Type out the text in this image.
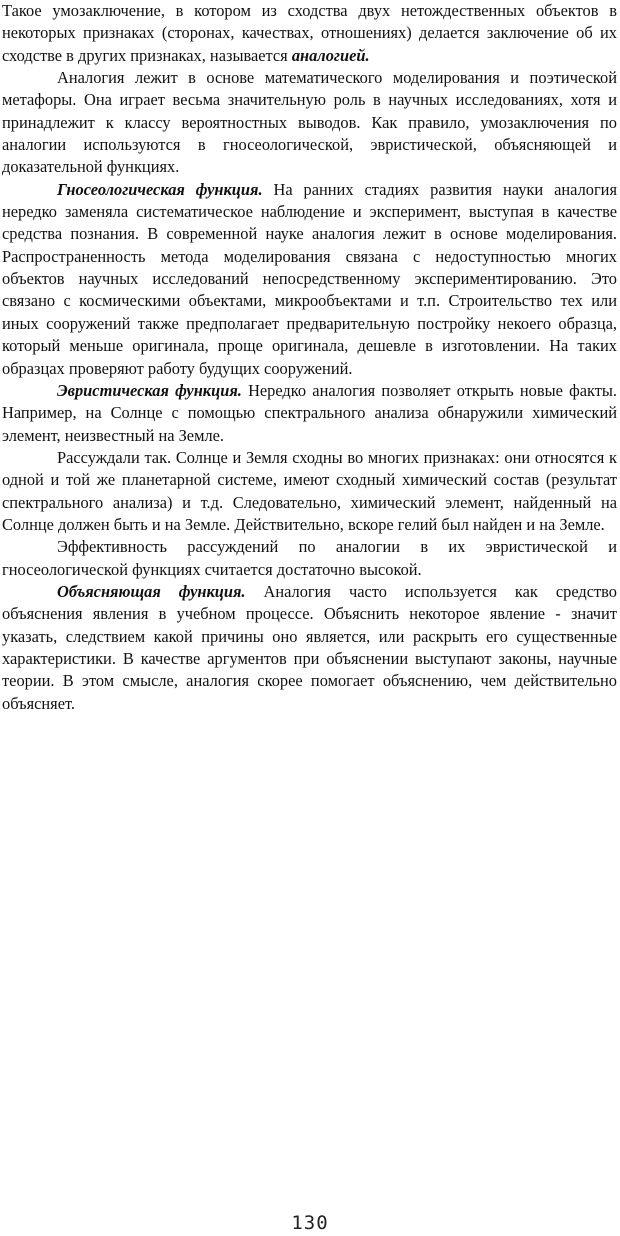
Такое умозаключение, в котором из сходства двух нетождественных объектов в некоторых признаках (сторонах, качествах, отношениях) делается заключение об их сходстве в других признаках, называется аналогией.

Аналогия лежит в основе математического моделирования и поэтической метафоры. Она играет весьма значительную роль в научных исследованиях, хотя и принадлежит к классу вероятностных выводов. Как правило, умозаключения по аналогии используются в гносеологической, эвристической, объясняющей и доказательной функциях.

Гносеологическая функция. На ранних стадиях развития науки аналогия нередко заменяла систематическое наблюдение и эксперимент, выступая в качестве средства познания. В современной науке аналогия лежит в основе моделирования. Распространенность метода моделирования связана с недоступностью многих объектов научных исследований непосредственному экспериментированию. Это связано с космическими объектами, микрообъектами и т.п. Строительство тех или иных сооружений также предполагает предварительную постройку некоего образца, который меньше оригинала, проще оригинала, дешевле в изготовлении. На таких образцах проверяют работу будущих сооружений.

Эвристическая функция. Нередко аналогия позволяет открыть новые факты. Например, на Солнце с помощью спектрального анализа обнаружили химический элемент, неизвестный на Земле.

Рассуждали так. Солнце и Земля сходны во многих признаках: они относятся к одной и той же планетарной системе, имеют сходный химический состав (результат спектрального анализа) и т.д. Следовательно, химический элемент, найденный на Солнце должен быть и на Земле. Действительно, вскоре гелий был найден и на Земле.

Эффективность рассуждений по аналогии в их эвристической и гносеологической функциях считается достаточно высокой.

Объясняющая функция. Аналогия часто используется как средство объяснения явления в учебном процессе. Объяснить некоторое явление - значит указать, следствием какой причины оно является, или раскрыть его существенные характеристики. В качестве аргументов при объяснении выступают законы, научные теории. В этом смысле, аналогия скорее помогает объяснению, чем действительно объясняет.

130
